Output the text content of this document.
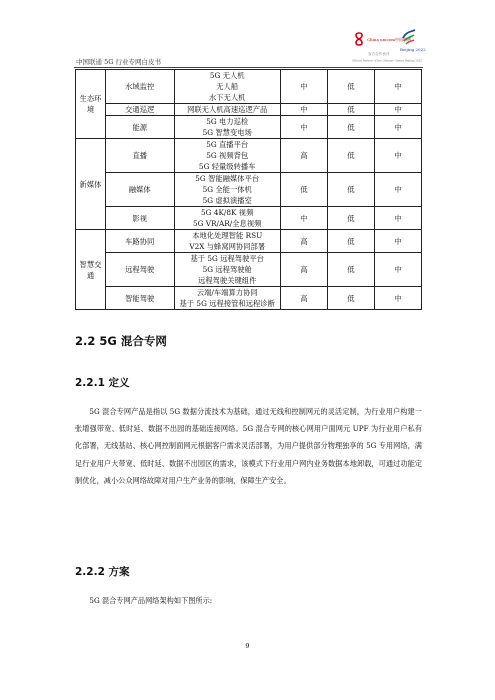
中国联通 5G 行业专网白皮书
China unicom中国联通
Beijing 2022
官方合作伙伴
Official Partner of the Olympic Games Beijing 2022
生态环境	水域监控	5G 无人机
无人船
水下无人机	中	低	中
	交通巡逻	网联无人机高速巡逻产品	中	低	中
	能源	5G 电力巡检
5G 智慧变电场	中	低	中
新媒体	直播	5G 直播平台
5G 视频背包
5G 轻量级转播车	高	低	中
	融媒体	5G 智能融媒体平台
5G 全能一体机
5G 虚拟演播室	低	低	中
	影视	5G 4K/8K 视频
5G VR/AR/全息视频	中	低	中
智慧交通	车路协同	本地化处理智能 RSU
V2X 与蜂窝网协同部署	高	低	中
	远程驾驶	基于 5G 远程驾驶平台
5G 远程驾驶舱
远程驾驶关键组件	高	低	中
	智能驾驶	云端/车端算力协同
基于 5G 远程接管和远程诊断	高	低	中
2.2 5G 混合专网
2.2.1 定义

5G 混合专网产品是指以 5G 数据分流技术为基础，通过无线和控制网元的灵活定制，为行业用户构建一张增强带宽、低时延、数据不出园的基础连接网络。5G 混合专网的核心网用户面网元 UPF 为行业用户私有化部署，无线基站、核心网控制面网元根据客户需求灵活部署，为用户提供部分物理独享的 5G 专用网络，满足行业用户大带宽、低时延、数据不出园区的需求，该模式下行业用户网内业务数据本地卸载，可通过功能定制优化，减小公众网络故障对用户生产业务的影响，保障生产安全。

2.2.2 方案

5G 混合专网产品网络架构如下图所示:

9
